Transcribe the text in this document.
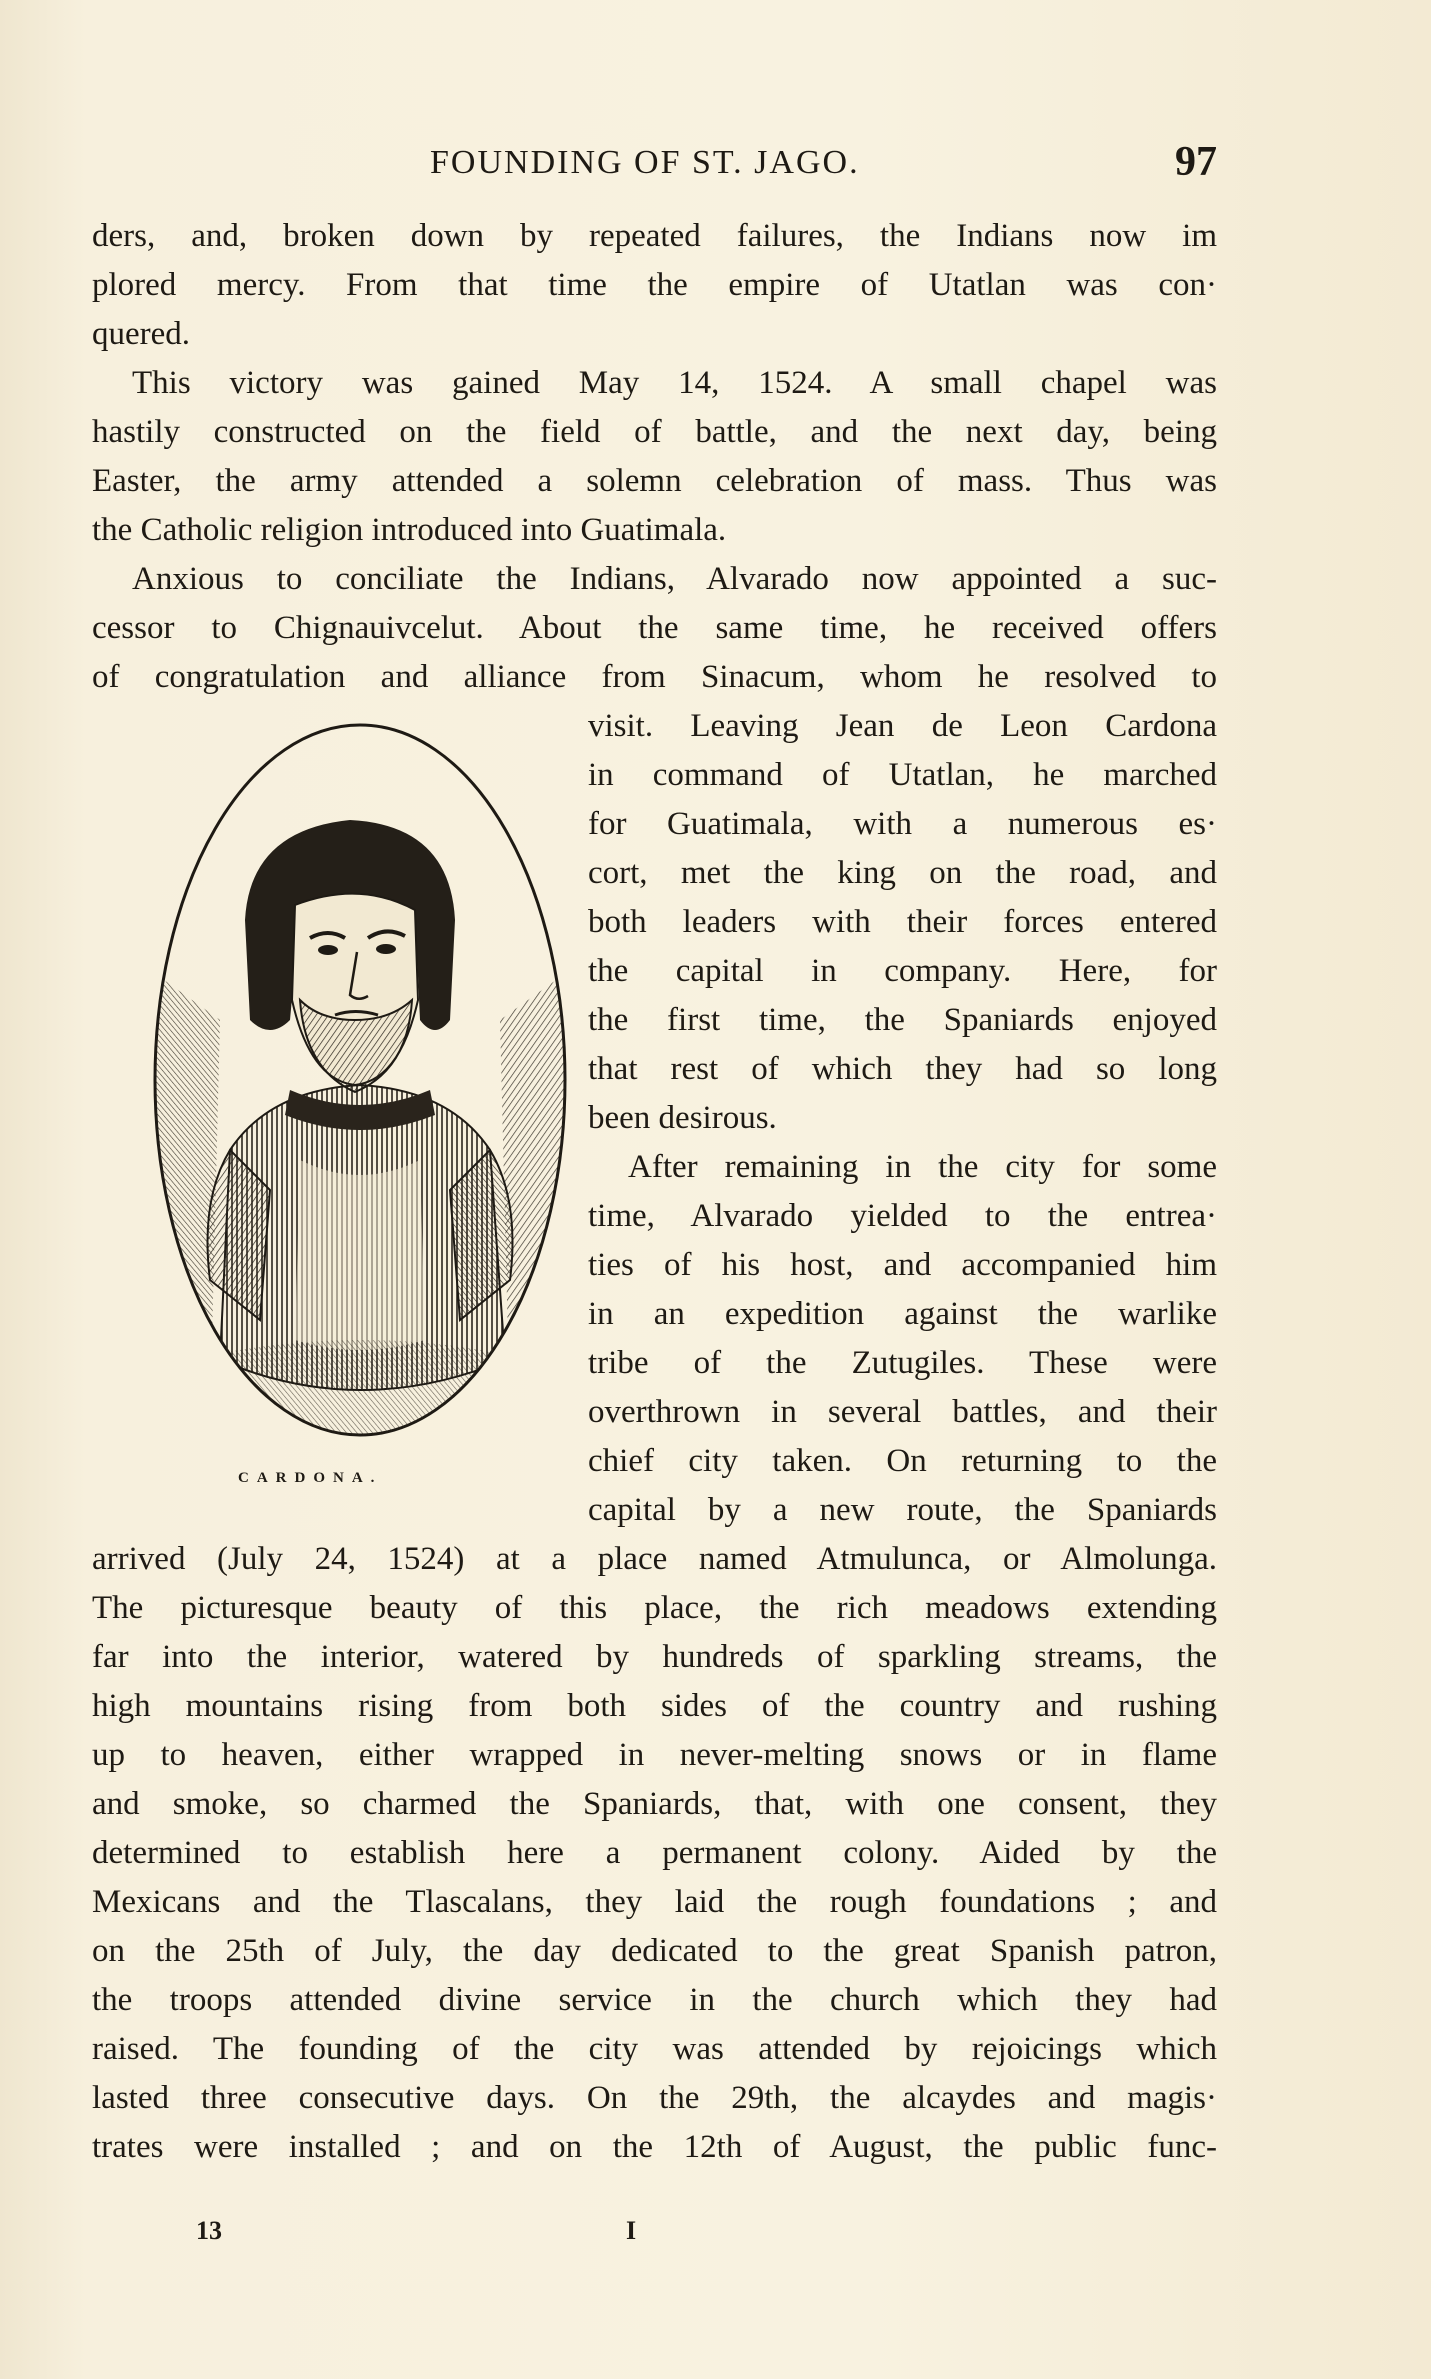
FOUNDING OF ST. JAGO.	97
ders, and, broken down by repeated failures, the Indians now im
plored mercy. From that time the empire of Utatlan was con·
quered.
This victory was gained May 14, 1524. A small chapel was
hastily constructed on the field of battle, and the next day, being
Easter, the army attended a solemn celebration of mass. Thus was
the Catholic religion introduced into Guatimala.
Anxious to conciliate the Indians, Alvarado now appointed a suc-
cessor to Chignauivcelut. About the same time, he received offers
of congratulation and alliance from Sinacum, whom he resolved to
visit. Leaving Jean de Leon Cardona
in command of Utatlan, he marched
for Guatimala, with a numerous es·
cort, met the king on the road, and
both leaders with their forces entered
the capital in company. Here, for
the first time, the Spaniards enjoyed
that rest of which they had so long
been desirous.
After remaining in the city for some
time, Alvarado yielded to the entrea·
ties of his host, and accompanied him
in an expedition against the warlike
tribe of the Zutugiles. These were
overthrown in several battles, and their
chief city taken. On returning to the
capital by a new route, the Spaniards
arrived (July 24, 1524) at a place named Atmulunca, or Almolunga.
The picturesque beauty of this place, the rich meadows extending
far into the interior, watered by hundreds of sparkling streams, the
high mountains rising from both sides of the country and rushing
up to heaven, either wrapped in never-melting snows or in flame
and smoke, so charmed the Spaniards, that, with one consent, they
determined to establish here a permanent colony. Aided by the
Mexicans and the Tlascalans, they laid the rough foundations ; and
on the 25th of July, the day dedicated to the great Spanish patron,
the troops attended divine service in the church which they had
raised. The founding of the city was attended by rejoicings which
lasted three consecutive days. On the 29th, the alcaydes and magis·
trates were installed ; and on the 12th of August, the public func-
CARDONA.
13	I
